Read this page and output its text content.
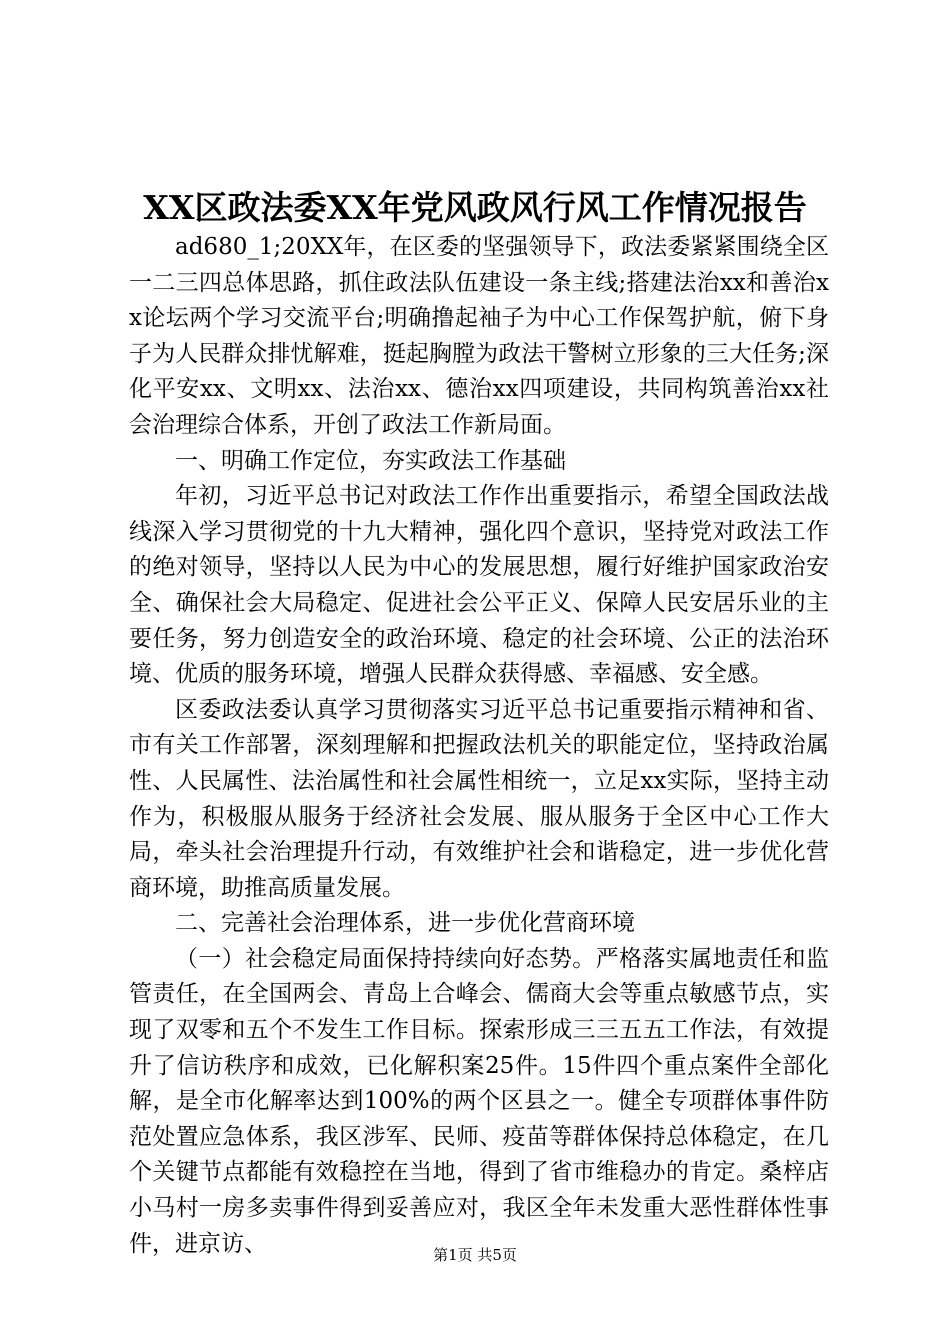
XX区政法委XX年党风政风行风工作情况报告

ad680_1;20XX年，在区委的坚强领导下，政法委紧紧围绕全区一二三四总体思路，抓住政法队伍建设一条主线;搭建法治xx和善治xx论坛两个学习交流平台;明确撸起袖子为中心工作保驾护航，俯下身子为人民群众排忧解难，挺起胸膛为政法干警树立形象的三大任务;深化平安xx、文明xx、法治xx、德治xx四项建设，共同构筑善治xx社会治理综合体系，开创了政法工作新局面。

一、明确工作定位，夯实政法工作基础

年初，习近平总书记对政法工作作出重要指示，希望全国政法战线深入学习贯彻党的十九大精神，强化四个意识，坚持党对政法工作的绝对领导，坚持以人民为中心的发展思想，履行好维护国家政治安全、确保社会大局稳定、促进社会公平正义、保障人民安居乐业的主要任务，努力创造安全的政治环境、稳定的社会环境、公正的法治环境、优质的服务环境，增强人民群众获得感、幸福感、安全感。

区委政法委认真学习贯彻落实习近平总书记重要指示精神和省、市有关工作部署，深刻理解和把握政法机关的职能定位，坚持政治属性、人民属性、法治属性和社会属性相统一，立足xx实际，坚持主动作为，积极服从服务于经济社会发展、服从服务于全区中心工作大局，牵头社会治理提升行动，有效维护社会和谐稳定，进一步优化营商环境，助推高质量发展。

二、完善社会治理体系，进一步优化营商环境

（一）社会稳定局面保持持续向好态势。严格落实属地责任和监管责任，在全国两会、青岛上合峰会、儒商大会等重点敏感节点，实现了双零和五个不发生工作目标。探索形成三三五五工作法，有效提升了信访秩序和成效，已化解积案25件。15件四个重点案件全部化解，是全市化解率达到100%的两个区县之一。健全专项群体事件防范处置应急体系，我区涉军、民师、疫苗等群体保持总体稳定，在几个关键节点都能有效稳控在当地，得到了省市维稳办的肯定。桑梓店小马村一房多卖事件得到妥善应对，我区全年未发重大恶性群体性事件，进京访、	第1页 共5页
